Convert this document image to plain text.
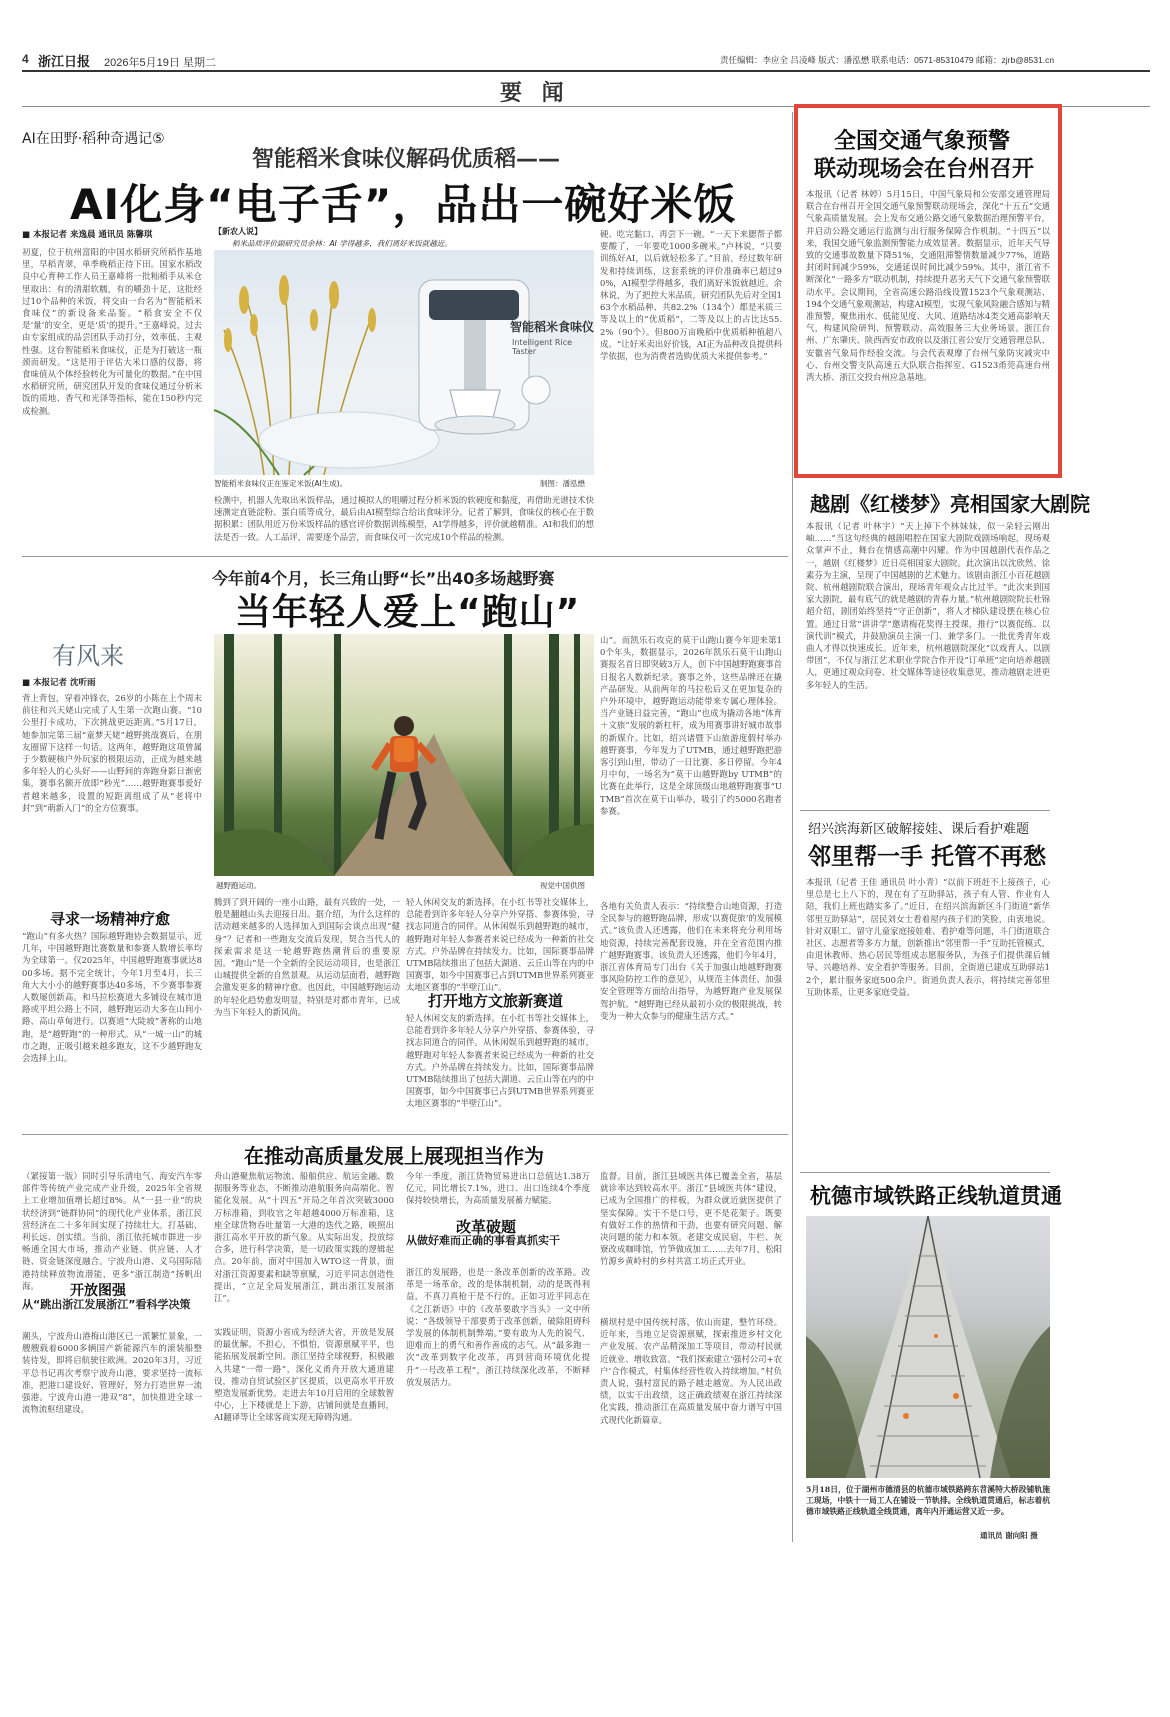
4 浙江日报 2026年5月19日 星期二	责任编辑：李应全 吕凌峰 版式：潘泓懋 联系电话：0571-85310479 邮箱：zjrb@8531.cn
要 闻
AI在田野·稻种奇遇记⑤
智能稻米食味仪解码优质稻——
AI化身“电子舌”，品出一碗好米饭
■ 本报记者 来逸晨 通讯员 陈馨琪
初夏，位于杭州富阳的中国水稻研究所稻作基地里，早稻青翠，单季晚稻正待下田。国家水稻改良中心育种工作人员王嘉峰将一批籼稻手从米仓里取出：有的清甜软糯，有的嚼劲十足，这批经过10个品种的米饭，将交由一台名为“智能稻米食味仪”的新设备来品鉴。“稻食安全不仅是‘量’的安全，更是‘质’的提升。”王嘉峰说，过去由专家组成的品尝团队手动打分，效率低、主观性强。这台智能稻米食味仪，正是为打破这一瓶颈而研发。“这是用于评估大米口感的仪器，将食味值从个体经验转化为可量化的数据。”在中国水稻研究所，研究团队开发的食味仪通过分析米饭的质地、香气和光泽等指标，能在150秒内完成检测。
【新农人说】
稻米品质评价副研究员余林：AI 学得越多，我们离好米饭就越近。
智能稻米食味仪
Intelligent Rice Taster
智能稻米食味仪正在鉴定米饭(AI生成)。	制图：潘泓懋
检测中，机器人先取出米饭样品，通过模拟人的咀嚼过程分析米饭的软硬度和黏度，再借助光谱技术快速测定直链淀粉、蛋白质等成分，最后由AI模型综合给出食味评分。记者了解到，食味仪的核心在于数据积累：团队用近万份米饭样品的感官评价数据训练模型，AI学得越多，评价就越精准。AI和我们的想法是否一致。人工品评，需要逐个品尝，而食味仪可一次完成10个样品的检测。
硬、吃完黏口、再尝下一碗。“一天下来腮帮子都要酸了，一年要吃1000多碗米。”卢林说，“只要训练好AI，以后就轻松多了。”目前，经过数年研发和持续训练，这套系统的评价准确率已超过90%，AI模型学得越多，我们离好米饭就越近。余林说，为了把控大米品质，研究团队先后对全国163个水稻品种、共82.2%（134个）都是米质三等及以上的“优质稻”，二等及以上的占比达55.2%（90个）。但800万亩晚稻中优质稻种植超八成。“让好米卖出好价钱，AI正为品种改良提供科学依据，也为消费者选购优质大米提供参考。”
全国交通气象预警
联动现场会在台州召开
本报讯（记者 林婷）5月15日，中国气象局和公安部交通管理局联合在台州召开全国交通气象预警联动现场会，深化“十五五”交通气象高质量发展。会上发布交通公路交通气象数据治理预警平台，并启动公路交通运行监测与出行服务保障合作机制。“十四五”以来，我国交通气象监测预警能力成效显著。数据显示，近年天气导致的交通事故数量下降51%，交通阻滞警情数量减少77%，道路封闭时间减少59%，交通延误时间比减少59%。其中，浙江省不断深化“一路多方”联动机制，持续提升恶劣天气下交通气象预警联动水平。会议期间，全省高速公路沿线设置1523个气象观测站、194个交通气象观测站，构建AI模型，实现气象风险融合感知与精准预警，聚焦雨水、低能见度、大风、道路结冰4类交通高影响天气，构建风险研判、预警联动、高效服务三大业务场景。浙江台州、广东肇庆、陕西西安市政府以及浙江省公安厅交通管理总队、安徽省气象局作经验交流。与会代表观摩了台州气象防灾减灾中心、台州交警支队高速五大队联合指挥室、G1523甬莞高速台州湾大桥、浙江交投台州应急基地。
越剧《红楼梦》亮相国家大剧院
本报讯（记者 叶林宇）“天上掉下个林妹妹，似一朵轻云刚出岫……”当这句经典的越剧唱腔在国家大剧院戏剧场响起，现场观众掌声不止，舞台在情感高潮中闪耀。作为中国越剧代表作品之一，越剧《红楼梦》近日亮相国家大剧院。此次演出以沈欣然、徐素芬为主演，呈现了中国越剧的艺术魅力。该剧由浙江小百花越剧院、杭州越剧院联合演出，现场青年观众占比过半。“此次来到国家大剧院，最有底气的就是越剧的青春力量。”杭州越剧院院长杜锦超介绍，剧团始终坚持“守正创新”，将人才梯队建设摆在核心位置。通过日常“讲讲学”邀请梅花奖得主授课，推行“以赛促练、以演代训”模式，并鼓励演员主演一门、兼学多门。一批优秀青年戏曲人才得以快速成长。近年来，杭州越剧院深化“以戏育人、以剧带团”，不仅与浙江艺术职业学院合作开设“订单班”定向培养越剧人，更通过观众问卷、社交媒体等途径收集意见，推动越剧走进更多年轻人的生活。
绍兴滨海新区破解接娃、课后看护难题
邻里帮一手 托管不再愁
本报讯（记者 王佳 通讯员 叶小青）“以前下班赶不上接孩子，心里总是七上八下的，现在有了互助驿站，孩子有人管、作业有人陪，我们上班也踏实多了。”近日，在绍兴滨海新区斗门街道“新华邻里互助驿站”，居民刘女士看着屋内孩子们的笑脸，由衷地说。针对双职工、留守儿童家庭接娃难、看护难等问题，斗门街道联合社区、志愿者等多方力量，创新推出“邻里帮一手”互助托管模式，由退休教师、热心居民等组成志愿服务队，为孩子们提供课后辅导、兴趣培养、安全看护等服务。目前，全街道已建成互助驿站12个，累计服务家庭500余户。街道负责人表示，将持续完善邻里互助体系，让更多家庭受益。
杭德市域铁路正线轨道贯通
5月18日，位于湖州市德清县的杭德市域铁路跨东苕溪特大桥段铺轨施工现场，中铁十一局工人在铺设一节轨排。全线轨道贯通后，标志着杭德市域铁路正线轨道全线贯通，离年内开通运营又近一步。
通讯员 谢向阳 摄
今年前4个月，长三角山野“长”出40多场越野赛
当年轻人爱上“跑山”
有风来
■ 本报记者 沈听雨
背上背包，穿着冲锋衣，26岁的小陈在上个周末前往和兴天姥山完成了人生第一次跑山赛。“10公里打卡成功，下次挑战更远距离。”5月17日，她参加完第三届“童梦天姥”越野挑战赛后，在朋友圈留下这样一句话。这两年，越野跑这项曾属于少数硬核户外玩家的极限运动，正成为越来越多年轻人的心头好——山野间的奔跑身影日渐密集，赛事名额开放即“秒光”……越野跑赛事爱好者越来越多，设置的短距离组成了从“老将中封”到“萌新入门”的全方位赛事。
寻求一场精神疗愈
“跑山”有多火热？国际越野跑协会数据显示，近几年，中国越野跑比赛数量和参赛人数增长率均为全球第一。仅2025年，中国越野跑赛事就达800多场。据不完全统计，今年1月至4月，长三角大大小小的越野赛事达40多场，不少赛事参赛人数屡创新高。和马拉松赛道大多铺设在城市道路或平坦公路上不同，越野跑运动大多在山间小路、高山草甸进行。以赛道“大陡坡”著称的山地跑，是“越野跑”的一种形式。从“一城一山”的城市之跑，正吸引越来越多跑友，这不少越野跑友会选择上山。
越野跑运动。	视觉中国供图
腾到了到开阔的一座小山路，最有兴致的一处，一般是翻越山头去迎接日出。据介绍，为什么这样的活动越来越多的人选择加入到国际会谈点出现“健身”？记者和一些跑友交流后发现，契合当代人的探索需求是这一轮越野跑热潮背后的重要原因。“跑山”是一个全新的全民运动项目，也是浙江山城提供全新的自然景观。从运动层面看，越野跑会激发更多的精神疗愈。也因此，中国越野跑运动的年轻化趋势愈发明显，特别是对都市青年，已成为当下年轻人的新风尚。
轻人休闲交友的新选择。在小红书等社交媒体上，总能看到许多年轻人分享户外穿搭、参赛体验，寻找志同道合的同伴。从休闲娱乐到越野跑的城市，越野跑对年轻人参赛者来说已经成为一种新的社交方式。户外品牌在持续发力。比如，国际赛事品牌UTMB陆续推出了包括大湖道、云丘山等在内的中国赛事，如今中国赛事已占到UTMB世界系列赛亚太地区赛事的“半壁江山”。
打开地方文旅新赛道
轻人休闲交友的新选择。在小红书等社交媒体上，总能看到许多年轻人分享户外穿搭、参赛体验，寻找志同道合的同伴。从休闲娱乐到越野跑的城市，越野跑对年轻人参赛者来说已经成为一种新的社交方式。户外品牌在持续发力。比如，国际赛事品牌UTMB陆续推出了包括大湖道、云丘山等在内的中国赛事，如今中国赛事已占到UTMB世界系列赛亚太地区赛事的“半壁江山”。
山”。而凯乐石攻克的莫干山跑山赛今年迎来第10个年头，数据显示，2026年凯乐石莫干山跑山赛报名首日即突破3万人，创下中国越野跑赛事首日报名人数新纪录。赛事之外，这些品牌还在撬产品研发。从前两年的马拉松后又在更加复杂的户外环境中，越野跑运动能带来专属心理体验。当产业链日益完善，“跑山”也成为撬动各地“体育＋文旅”发展的新杠杆，成为用赛事讲好城市故事的新媒介。比如，绍兴诸暨下山旅游度假村举办越野赛事，今年发力了UTMB，通过越野跑把游客引到山里，带动了一日比赛、多日停留。今年4月中旬，一场名为“莫干山越野跑by UTMB”的比赛在此举行，这是全球顶级山地越野跑赛事“UTMB”首次在莫干山举办，吸引了约5000名跑者参赛。
各地有关负责人表示：“持续整合山地资源，打造全民参与的越野跑品牌，形成‘以赛促旅’的发展模式。”该负责人还透露，他们在未来将充分利用场地资源，持续完善配套设施，并在全省范围内推广越野跑赛事。该负责人还透露，他们今年4月，浙江省体育局专门出台《关于加强山地越野跑赛事风险防控工作的意见》，从规范主体责任、加强安全管理等方面给出指导，为越野跑产业发展保驾护航。“越野跑已经从最初小众的极限挑战，转变为一种大众参与的健康生活方式。”
在推动高质量发展上展现担当作为
（紧接第一版）同时引导乐清电气、海安汽车零部件等传统产业完成产业升级，2025年全省规上工业增加值增长超过8%。从“一县一业”的块状经济到“链群协同”的现代化产业体系，浙江民营经济在二十多年间实现了持续壮大。打基础、利长远、创实绩。当前，浙江依托城市群进一步畅通全国大市场，推动产业链、供应链、人才链、资金链深度融合。宁波舟山港、义乌国际陆港持续释放物流潜能，更多“浙江制造”扬帆出海。	开放图强
从“跳出浙江发展浙江”看科学决策
潮头，宁波舟山港梅山港区已一派繁忙景象，一艘艘载着6000多辆国产新能源汽车的滚装船整装待发，即将启航驶往欧洲。2020年3月，习近平总书记再次考察宁波舟山港，要求坚持一流标准，把港口建设好、管理好，努力打造世界一流强港。宁波舟山港一港双“8”，加快推进全球一流物流枢纽建设。
舟山港聚焦航运物流、船舶供应、航运金融、数据服务等业态，不断推动港航服务向高端化、智能化发展。从“十四五”开局之年首次突破3000万标准箱，到收官之年超越4000万标准箱，这座全球货物吞吐量第一大港的迭代之路，映照出浙江高水平开放的新气象。从实际出发，投放综合多，进行科学决策，是一切政策实践的逻辑起点。20年前，面对中国加入WTO这一背景，面对浙江资源要素和缺等禀赋，习近平同志创造性提出，“立足全局发展浙江，跳出浙江发展浙江”。
实践证明，资源小省成为经济大省，开放是发展的最优解。不担心，不惧怕，资源禀赋平平，也能拓展发展新空间。浙江坚持全球视野，积极融入共建“一带一路”，深化义甬舟开放大通道建设，推动自贸试验区扩区提质，以更高水平开放塑造发展新优势。走进去年10月启用的全球数智中心，上下楼就是上下游，店铺间就是直播间，AI翻译等让全球客商实现无障碍沟通。
今年一季度，浙江货物贸易进出口总值达1.38万亿元，同比增长7.1%，进口、出口连续4个季度保持较快增长，为高质量发展蓄力赋能。
改革破题
从做好难而正确的事看真抓实干
浙江的发展路，也是一条改革创新的改革路。改革是一场革命，改的是体制机制，动的是既得利益，不真刀真枪干是不行的。正如习近平同志在《之江新语》中的《改革要敢字当头》一文中所说：“各级领导干部要勇于改革创新，破除阻碍科学发展的体制机制弊端。”要有敢为人先的锐气、迎难而上的勇气和善作善成的志气。从“最多跑一次”改革到数字化改革，再到营商环境优化提升“一号改革工程”，浙江持续深化改革，不断释放发展活力。
监督。目前，浙江县域医共体已覆盖全省，基层就诊率达到较高水平。浙江“县域医共体”建设，已成为全国推广的样板，为群众就近就医提供了坚实保障。实干不是口号，更不是花架子。既要有做好工作的热情和干劲，也要有研究问题、解决问题的能力和本领。老建交成民宿，牛栏、灰寮改成咖啡馆，竹笋做成加工……去年7月，松阳竹源乡黄岭村的乡村共富工坊正式开业。
横坝村是中国传统村落，依山而建，整竹环绕。近年来，当地立足资源禀赋，探索推进乡村文化产业发展、农产品精深加工等项目，带动村民就近就业、增收致富。“我们探索建立‘强村公司+农户’合作模式，村集体经营性收入持续增加。”村负责人说，强村富民的路子越走越宽。为人民出政绩，以实干出政绩，这正确政绩观在浙江持续深化实践，推动浙江在高质量发展中奋力谱写中国式现代化新篇章。
